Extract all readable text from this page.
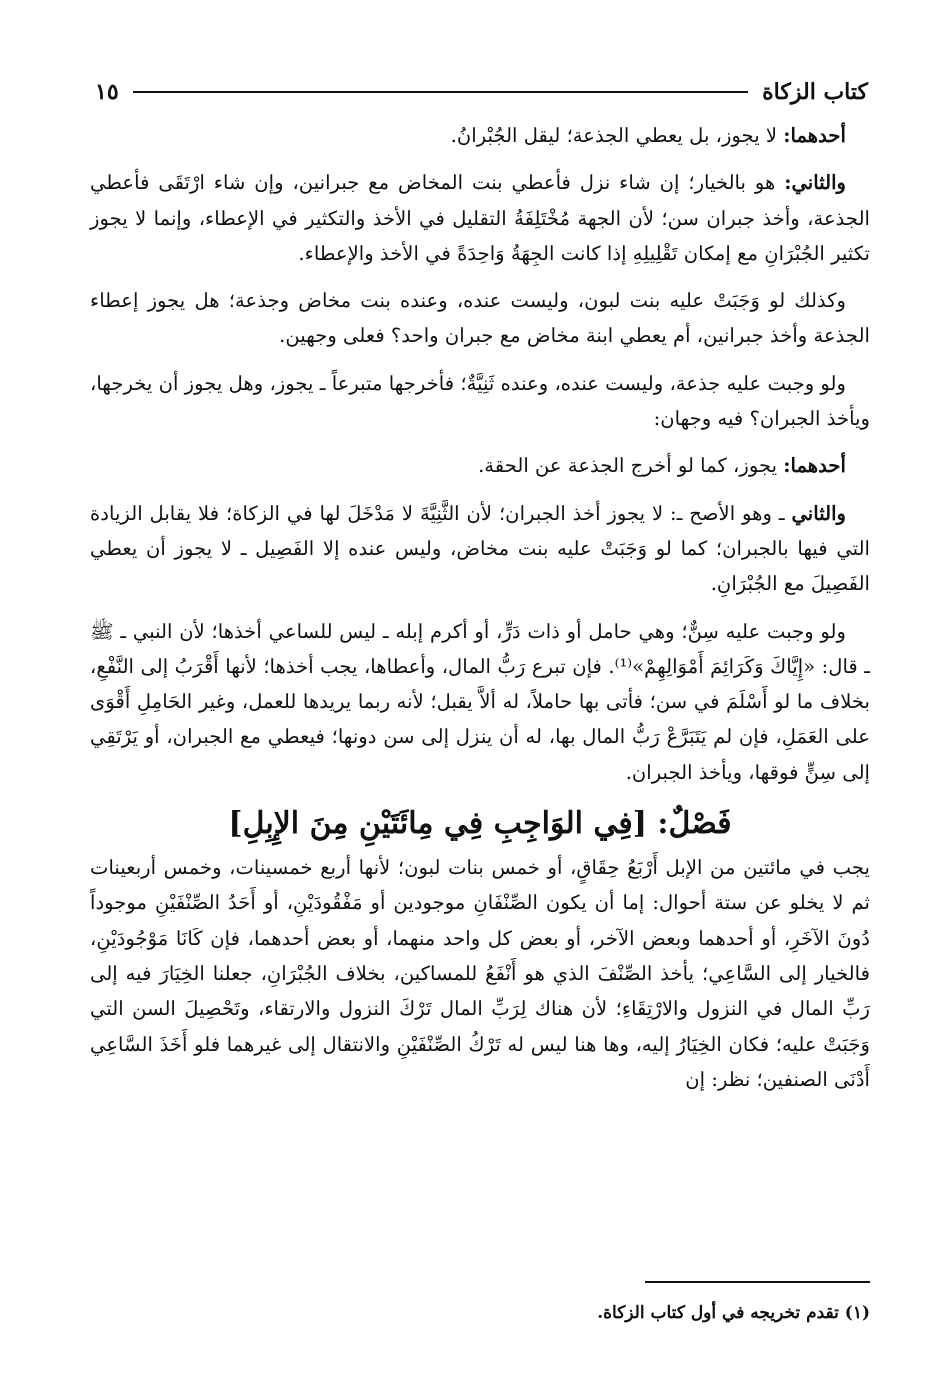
كتاب الزكاة
١٥

أحدهما: لا يجوز، بل يعطي الجذعة؛ ليقل الجُبْرانُ.

والثاني: هو بالخيار؛ إن شاء نزل فأعطي بنت المخاض مع جبرانين، وإن شاء ارْتَقَى فأعطي الجذعة، وأخذ جبران سن؛ لأن الجهة مُخْتَلِفَةُ التقليل في الأخذ والتكثير في الإعطاء، وإنما لا يجوز تكثير الجُبْرَانِ مع إمكان تَقْلِيلِهِ إذا كانت الجِهَةُ وَاحِدَةً في الأخذ والإعطاء.

وكذلك لو وَجَبَتْ عليه بنت لبون، وليست عنده، وعنده بنت مخاض وجذعة؛ هل يجوز إعطاء الجذعة وأخذ جبرانين، أم يعطي ابنة مخاض مع جبران واحد؟ فعلى وجهين.

ولو وجبت عليه جذعة، وليست عنده، وعنده ثَنِيَّةٌ؛ فأخرجها متبرعاً ـ يجوز، وهل يجوز أن يخرجها، ويأخذ الجبران؟ فيه وجهان:

أحدهما: يجوز، كما لو أخرج الجذعة عن الحقة.

والثاني ـ وهو الأصح ـ: لا يجوز أخذ الجبران؛ لأن الثَّنِيَّةَ لا مَدْخَلَ لها في الزكاة؛ فلا يقابل الزيادة التي فيها بالجبران؛ كما لو وَجَبَتْ عليه بنت مخاض، وليس عنده إلا الفَصِيل ـ لا يجوز أن يعطي الفَصِيلَ مع الجُبْرَانِ.

ولو وجبت عليه سِنٌّ؛ وهي حامل أو ذات دَرٍّ، أو أكرم إبله ـ ليس للساعي أخذها؛ لأن النبي ـ ﷺ ـ قال: «إِيَّاكَ وَكَرَائِمَ أَمْوَالِهِمْ»⁽¹⁾. فإن تبرع رَبُّ المال، وأعطاها، يجب أخذها؛ لأنها أَقْرَبُ إلى النَّفْعِ، بخلاف ما لو أَسْلَمَ في سن؛ فأتى بها حاملاً، له ألاَّ يقبل؛ لأنه ربما يريدها للعمل، وغير الحَامِلِ أَقْوَى على العَمَلِ، فإن لم يَتَبَرَّعْ رَبُّ المال بها، له أن ينزل إلى سن دونها؛ فيعطي مع الجبران، أو يَرْتَقِي إلى سِنٍّ فوقها، ويأخذ الجبران.

فَصْلٌ: [فِي الوَاجِبِ فِي مِائَتَيْنِ مِنَ الإِبِلِ]

يجب في مائتين من الإبل أَرْبَعُ حِقَاقٍ، أو خمس بنات لبون؛ لأنها أربع خمسينات، وخمس أربعينات ثم لا يخلو عن ستة أحوال: إما أن يكون الصِّنْفَانِ موجودين أو مَفْقُودَيْنِ، أو أَحَدُ الصِّنْفَيْنِ موجوداً دُونَ الآخَرِ، أو أحدهما وبعض الآخر، أو بعض كل واحد منهما، أو بعض أحدهما، فإن كَانَا مَوْجُودَيْنِ، فالخيار إلى السَّاعِي؛ يأخذ الصِّنْفَ الذي هو أَنْفَعُ للمساكين، بخلاف الجُبْرَانِ، جعلنا الخِيَارَ فيه إلى رَبِّ المال في النزول والارْتِقَاءِ؛ لأن هناك لِرَبِّ المال تَرْكَ النزول والارتقاء، وتَحْصِيلَ السن التي وَجَبَتْ عليه؛ فكان الخِيَارُ إليه، وها هنا ليس له تَرْكُ الصِّنْفَيْنِ والانتقال إلى غيرهما فلو أَخَذَ السَّاعِي أَدْنَى الصنفين؛ نظر: إن

(١) تقدم تخريجه في أول كتاب الزكاة.
